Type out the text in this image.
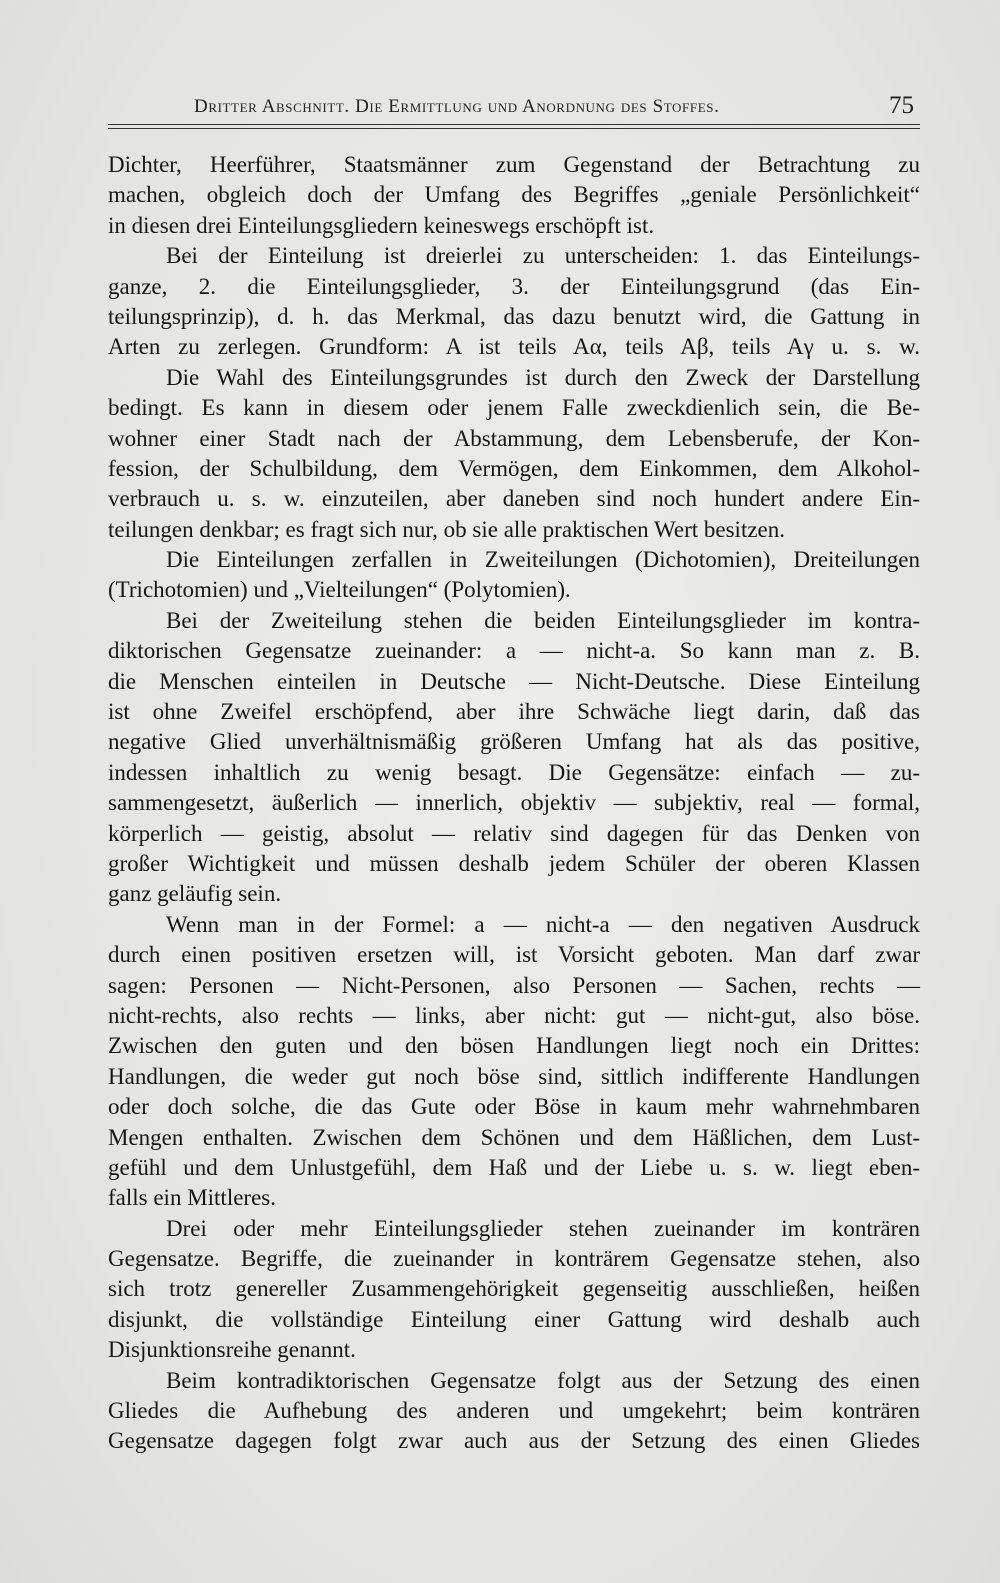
Dritter Abschnitt. Die Ermittlung und Anordnung des Stoffes.	75
Dichter, Heerführer, Staatsmänner zum Gegenstand der Betrachtung zu
machen, obgleich doch der Umfang des Begriffes „geniale Persönlichkeit“
in diesen drei Einteilungsgliedern keineswegs erschöpft ist.
Bei der Einteilung ist dreierlei zu unterscheiden: 1. das Einteilungs-
ganze, 2. die Einteilungsglieder, 3. der Einteilungsgrund (das Ein-
teilungsprinzip), d. h. das Merkmal, das dazu benutzt wird, die Gattung in
Arten zu zerlegen. Grundform: A ist teils Aα, teils Aβ, teils Aγ u. s. w.
Die Wahl des Einteilungsgrundes ist durch den Zweck der Darstellung
bedingt. Es kann in diesem oder jenem Falle zweckdienlich sein, die Be-
wohner einer Stadt nach der Abstammung, dem Lebensberufe, der Kon-
fession, der Schulbildung, dem Vermögen, dem Einkommen, dem Alkohol-
verbrauch u. s. w. einzuteilen, aber daneben sind noch hundert andere Ein-
teilungen denkbar; es fragt sich nur, ob sie alle praktischen Wert besitzen.
Die Einteilungen zerfallen in Zweiteilungen (Dichotomien), Dreiteilungen
(Trichotomien) und „Vielteilungen“ (Polytomien).
Bei der Zweiteilung stehen die beiden Einteilungsglieder im kontra-
diktorischen Gegensatze zueinander: a — nicht-a. So kann man z. B.
die Menschen einteilen in Deutsche — Nicht-Deutsche. Diese Einteilung
ist ohne Zweifel erschöpfend, aber ihre Schwäche liegt darin, daß das
negative Glied unverhältnismäßig größeren Umfang hat als das positive,
indessen inhaltlich zu wenig besagt. Die Gegensätze: einfach — zu-
sammengesetzt, äußerlich — innerlich, objektiv — subjektiv, real — formal,
körperlich — geistig, absolut — relativ sind dagegen für das Denken von
großer Wichtigkeit und müssen deshalb jedem Schüler der oberen Klassen
ganz geläufig sein.
Wenn man in der Formel: a — nicht-a — den negativen Ausdruck
durch einen positiven ersetzen will, ist Vorsicht geboten. Man darf zwar
sagen: Personen — Nicht-Personen, also Personen — Sachen, rechts —
nicht-rechts, also rechts — links, aber nicht: gut — nicht-gut, also böse.
Zwischen den guten und den bösen Handlungen liegt noch ein Drittes:
Handlungen, die weder gut noch böse sind, sittlich indifferente Handlungen
oder doch solche, die das Gute oder Böse in kaum mehr wahrnehmbaren
Mengen enthalten. Zwischen dem Schönen und dem Häßlichen, dem Lust-
gefühl und dem Unlustgefühl, dem Haß und der Liebe u. s. w. liegt eben-
falls ein Mittleres.
Drei oder mehr Einteilungsglieder stehen zueinander im konträren
Gegensatze. Begriffe, die zueinander in konträrem Gegensatze stehen, also
sich trotz genereller Zusammengehörigkeit gegenseitig ausschließen, heißen
disjunkt, die vollständige Einteilung einer Gattung wird deshalb auch
Disjunktionsreihe genannt.
Beim kontradiktorischen Gegensatze folgt aus der Setzung des einen
Gliedes die Aufhebung des anderen und umgekehrt; beim konträren
Gegensatze dagegen folgt zwar auch aus der Setzung des einen Gliedes
